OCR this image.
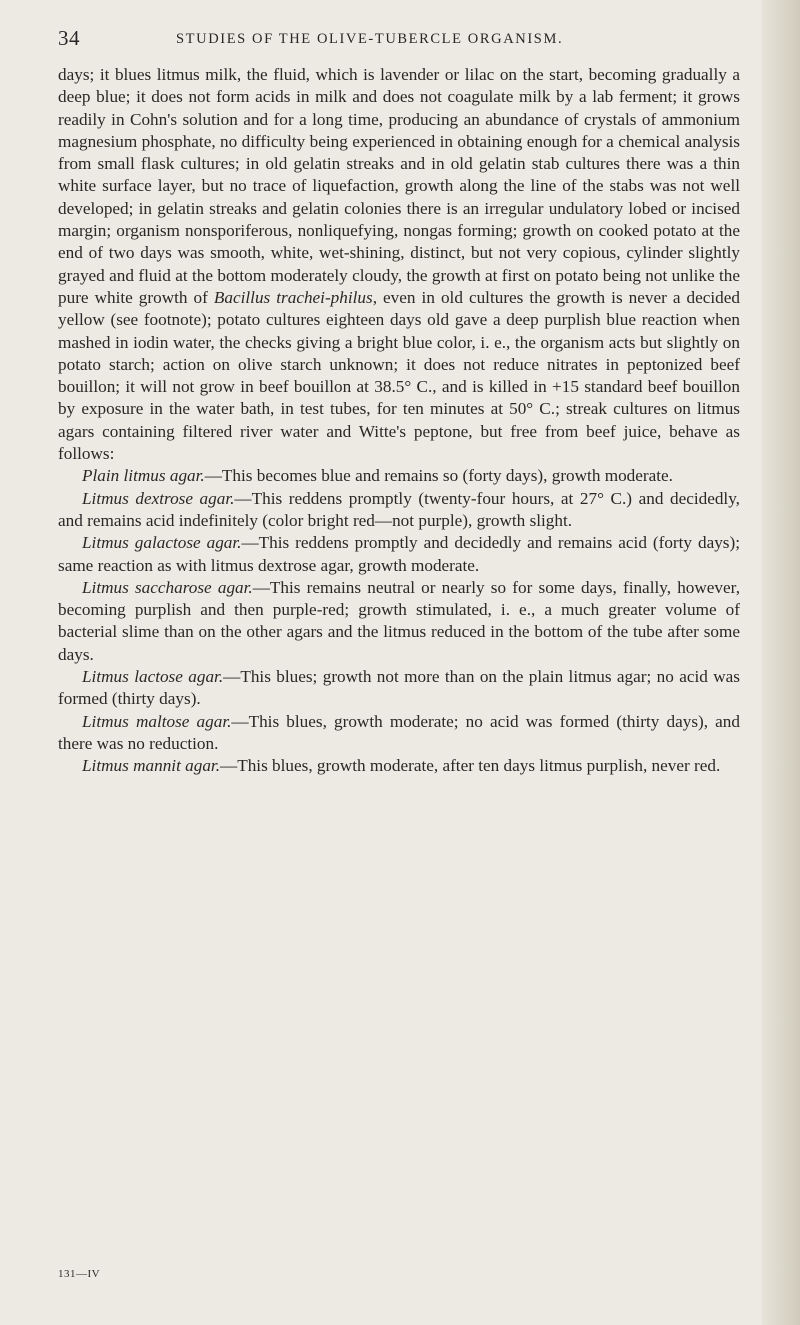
34	STUDIES OF THE OLIVE-TUBERCLE ORGANISM.

days; it blues litmus milk, the fluid, which is lavender or lilac on the start, becoming gradually a deep blue; it does not form acids in milk and does not coagulate milk by a lab ferment; it grows readily in Cohn's solution and for a long time, producing an abundance of crystals of ammonium magnesium phosphate, no difficulty being experienced in obtaining enough for a chemical analysis from small flask cultures; in old gelatin streaks and in old gelatin stab cultures there was a thin white surface layer, but no trace of liquefaction, growth along the line of the stabs was not well developed; in gelatin streaks and gelatin colonies there is an irregular undulatory lobed or incised margin; organism nonsporiferous, nonliquefying, nongas forming; growth on cooked potato at the end of two days was smooth, white, wet-shining, distinct, but not very copious, cylinder slightly grayed and fluid at the bottom moderately cloudy, the growth at first on potato being not unlike the pure white growth of Bacillus trachei-philus, even in old cultures the growth is never a decided yellow (see footnote); potato cultures eighteen days old gave a deep purplish blue reaction when mashed in iodin water, the checks giving a bright blue color, i. e., the organism acts but slightly on potato starch; action on olive starch unknown; it does not reduce nitrates in peptonized beef bouillon; it will not grow in beef bouillon at 38.5° C., and is killed in +15 standard beef bouillon by exposure in the water bath, in test tubes, for ten minutes at 50° C.; streak cultures on litmus agars containing filtered river water and Witte's peptone, but free from beef juice, behave as follows:

Plain litmus agar.—This becomes blue and remains so (forty days), growth moderate.

Litmus dextrose agar.—This reddens promptly (twenty-four hours, at 27° C.) and decidedly, and remains acid indefinitely (color bright red—not purple), growth slight.

Litmus galactose agar.—This reddens promptly and decidedly and remains acid (forty days); same reaction as with litmus dextrose agar, growth moderate.

Litmus saccharose agar.—This remains neutral or nearly so for some days, finally, however, becoming purplish and then purple-red; growth stimulated, i. e., a much greater volume of bacterial slime than on the other agars and the litmus reduced in the bottom of the tube after some days.

Litmus lactose agar.—This blues; growth not more than on the plain litmus agar; no acid was formed (thirty days).

Litmus maltose agar.—This blues, growth moderate; no acid was formed (thirty days), and there was no reduction.

Litmus mannit agar.—This blues, growth moderate, after ten days litmus purplish, never red.

131—IV
